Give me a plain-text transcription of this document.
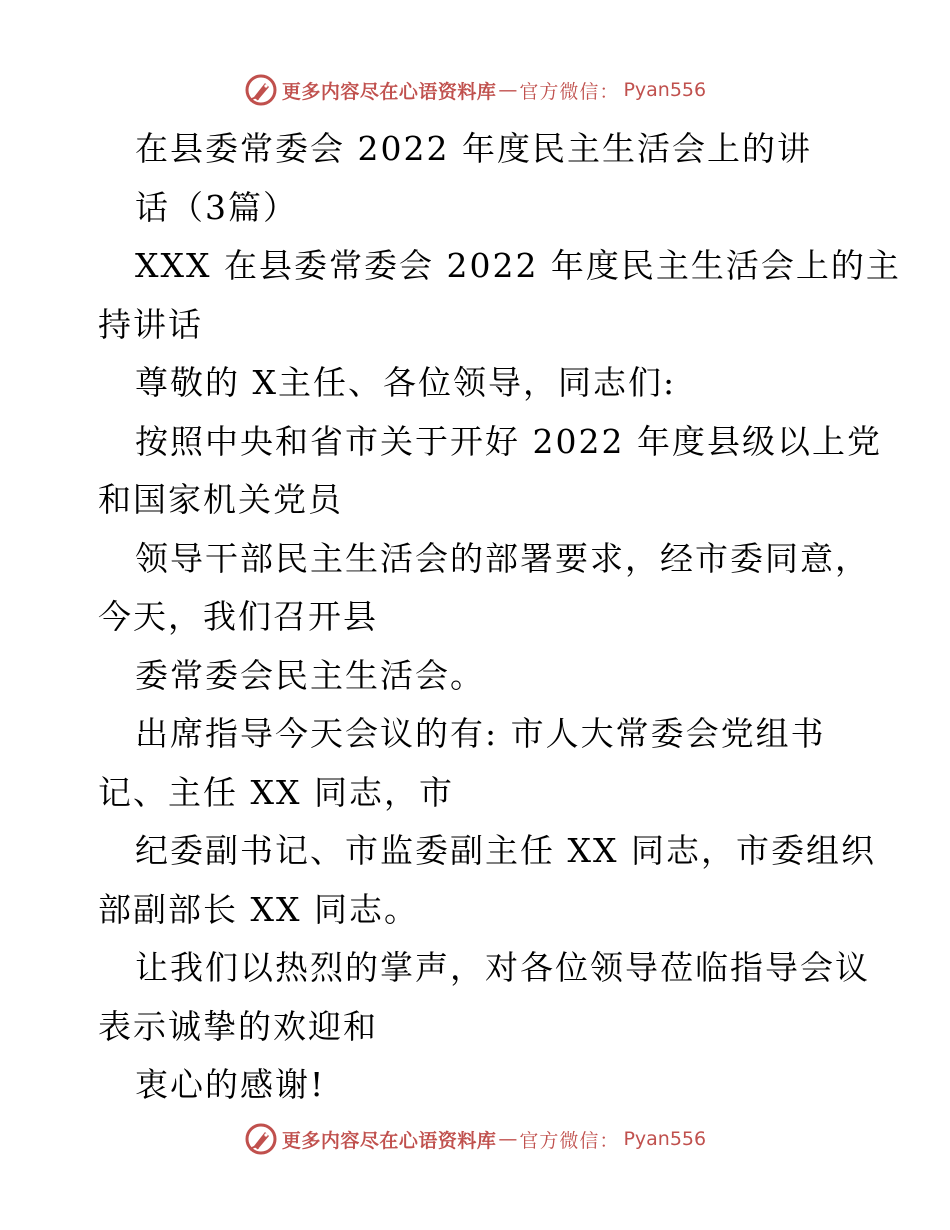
更多内容尽在心语资料库 — 官方微信： Pyan556
在县委常委会 2022 年度民主生活会上的讲
话（3篇）
XXX 在县委常委会 2022 年度民主生活会上的主
持讲话
尊敬的 X主任、各位领导，同志们:
按照中央和省市关于开好 2022 年度县级以上党
和国家机关党员
领导干部民主生活会的部署要求，经市委同意，
今天，我们召开县
委常委会民主生活会。
出席指导今天会议的有: 市人大常委会党组书
记、主任 XX 同志，市
纪委副书记、市监委副主任 XX 同志，市委组织
部副部长 XX 同志。
让我们以热烈的掌声，对各位领导莅临指导会议
表示诚挚的欢迎和
衷心的感谢!
更多内容尽在心语资料库 — 官方微信： Pyan556
